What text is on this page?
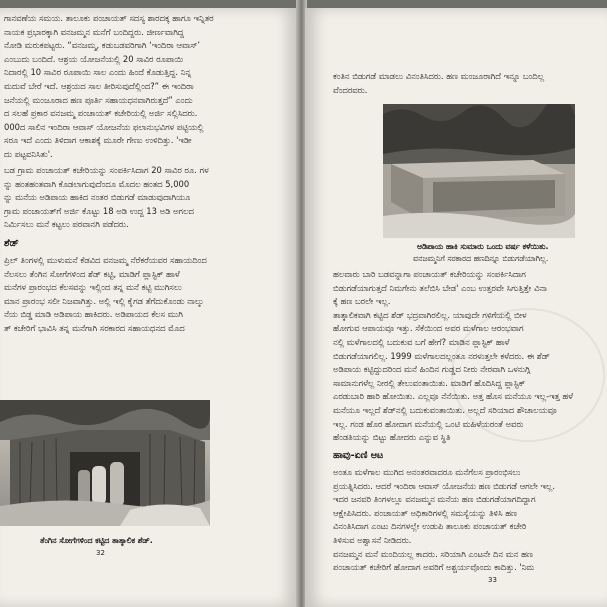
ಗಾನವಣೆಯ ಸಮಯ. ತಾಲೂಕು ಪಂಚಾಯತ್ ಸದಸ್ಯ ಶಾರದಕ್ಕ ಹಾಗೂ ಇನ್ನಿತರ
ನಾಯಕ ಪ್ರಭಾರಕ್ಕಾಗಿ ವನಜಮ್ಮನ ಮನೆಗೆ ಬಂದಿದ್ದರು. ಜೀರ್ಣವಾಗಿದ್ದ
ನೋಡಿ ಮರುಕಪಟ್ಟರು. “ವನಜಮ್ಮ, ಕಡುಬಡವರಿಗಾಗಿ ‘ಇಂದಿರಾ ಆವಾಸ್’
ಎಂಬುದು ಬಂದಿದೆ. ಆಶ್ರಯ ಯೋಜನೆಯಲ್ಲಿ 20 ಸಾವಿರ ರೂಪಾಯಿ
ನಿದಾರಲ್ಲಿ 10 ಸಾವಿರ ರೂಪಾಯಿ ಸಾಲ ಎಂದು ಹಿಂದೆ ಕೊಡುತ್ತಿದ್ದ. ನಿನ್ನ
ಮದುವೆ ಬೇರೆ ಇದೆ. ಆಶ್ರಯದ ಸಾಲ ತೀರಿಸುವುದೆಲ್ಲಿಂದ?” ಈ ಇಂದಿರಾ
ಜನೆಯಲ್ಲಿ ಮಂಜೂರಾದ ಹಣ ಪೂರ್ತಿ ಸಹಾಯಧನವಾಗಿರುತ್ತದೆ” ಎಂದು
ದ ಸಲಹೆ ಪ್ರಕಾರ ವನಜಮ್ಮ ಪಂಚಾಯತ್ ಕಚೇರಿಯಲ್ಲಿ ಅರ್ಜಿ ಸಲ್ಲಿಸಿದರು.
000ದ ಸಾಲಿನ ಇಂದಿರಾ ಆವಾಸ್ ಯೋಜನೆಯ ಫಲಾನುಭವಿಗಳ ಪಟ್ಟಿಯಲ್ಲಿ
ಸರೂ ಇದೆ ಎಂದು ತಿಳಿದಾಗ ಆಕಾಶಕ್ಕೆ ಮೂರೇ ಗೇಣು ಉಳಿದಿತ್ತು. 'ಇಡೀ
ದು ಪಟ್ಟವನಿಸಿತು'.
ಬಡ ಗ್ರಾಮ ಪಂಚಾಯತ್ ಕಚೇರಿಯನ್ನು ಸಂಪರ್ಕಿಸಿದಾಗ 20 ಸಾವಿರ ರೂ. ಗಳ
ನ್ನು ಹಂತಹಂತವಾಗಿ ಕೊಡಲಾಗುವುದೆಂದೂ ಮೊದಲ ಹಂತದ 5,000
ನ್ನು ಮನೆಯ ಅಡಿಪಾಯ ಹಾಕಿದ ನಂತರ ಬಿಡುಗಡೆ ಮಾಡುವುದಾಗಿಯೂ
ಗ್ರಾಮ ಪಂಚಾಯತ್‌ಗೆ ಅರ್ಜಿ ಕೊಟ್ಟು 18 ಅಡಿ ಉದ್ದ 13 ಅಡಿ ಅಗಲದ
ನಿರ್ಮಿಸಲು ಮನೆ ಕಟ್ಟಲು ಪರವಾನಗಿ ಪಡೆದರು.
ಶೆಡ್
ಪ್ರಿಲ್ ತಿಂಗಳಲ್ಲಿ ಮುಳುಮನೆ ಕೆಡವಿದ ವನಜಮ್ಮ ನೆರೆಕರೆಯವರ ಸಹಾಯದಿಂದ
ನೆಲಸಲು ತೆಂಗಿನ ಸೋಗೆಗಳಿಂದ ಶೆಡ್ ಕಟ್ಟಿ, ಮಾಡಿಗೆ ಪ್ಲಾಸ್ಟಿಕ್ ಹಾಳೆ
ಮನೆಗಳ ಪ್ರಾರಂಭದ ಕೆಲಸವನ್ನು ಇಲ್ಲಿಂದ ತನ್ನ ಮನೆ ಕಟ್ಟಿ ಮುಗಿಸಲು
ಮಾನ ಪ್ರಾರಂಭ ಸಲೀ ನಿಜವಾಗಿತ್ತು. ಅಲ್ಲಿ ಇಲ್ಲಿ ಕೈಗಡ ತೆಗೆದುಕೊಂಡು ನಾಲ್ಕು
ನೆಯ ಬಿಡ್ಡ ಮಾಡಿ ಅಡಿಪಾಯ ಹಾಕಿದರು. ಅಡಿಪಾಯದ ಕೆಲಸ ಮುಗಿ
ತ್ ಕಚೇರಿಗೆ ಭಾವಿಸಿ ತನ್ನ ಮನೆಗಾಗಿ ಸರಕಾರದ ಸಹಾಯಧನದ ಮೊದ
ತೆಂಗಿನ ಸೋಗೆಗಳಿಂದ ಕಟ್ಟಿದ ತಾತ್ಕಾಲಿಕ ಶೆಡ್.
32
ಕಂತಿನ ಬಿಡುಗಡೆ ಮಾಡಲು ವಿನಂತಿಸಿದರು. ಹಣ ಮಂಜೂರಾಗಿದೆ ಇನ್ನೂ ಬಂದಿಲ್ಲ
ವೆಂದರವರು.
ಅಡಿಪಾಯ ಹಾಕಿ ಸುಮಾರು ಒಂದು ವರ್ಷ ಕಳೆಯಿತು.
ವನಜಮ್ಮನಿಗೆ ಸರಕಾರದ ಹಣದಿನ್ನೂ ಬಿಡುಗಡೆಯಾಗಿಲ್ಲ.
ಹಲವಾರು ಬಾರಿ ಬಡವನ್ನಾಗಾ ಪಂಚಾಯತ್ ಕಚೇರಿಯನ್ನು ಸಂಪರ್ಕಿಸಿದಾಗ
ಬಿಡುಗಡೆಯಾಗುತ್ತದೆ ನಿಮಗೇನು ತಲೆಬಿಸಿ ಬೇಡ' ಎಂಬ ಉತ್ತರವೇ ಸಿಗುತ್ತಿತ್ತೇ ವಿನಾ
ಕ್ಕೆ ಹಣ ಬರಲೇ ಇಲ್ಲ.
ತಾತ್ಕಾಲಿಕವಾಗಿ ಕಟ್ಟಿದ ಶೆಡ್ ಭದ್ರವಾಗಿರಲಿಲ್ಲ. ಯಾವುದೇ ಗಳಿಗೆಯಲ್ಲಿ ಬೀಳ
ಹೋಗುವ ಆಪಾಯವೂ ಇತ್ತು. ಸೆಕೆಯಿಂದ ಅವರ ಮಳೆಗಾಲ ಆರಂಭವಾಗ
ನಲ್ಲಿ ಮಳೆಗಾಲದಲ್ಲಿ ಬದುಕುವ ಬಗೆ ಹೇಗೆ? ಮಾಡಿನ ಪ್ಲಾಸ್ಟಿಕ್ ಹಾಳೆ
ಬಿಡುಗಡೆಯಾಗಲಿಲ್ಲ. 1999 ಮಳೆಗಾಲದಲ್ಲಂತೂ ನರಳುತ್ತಲೇ ಕಳೆದರು. ಈ ಶೆಡ್
ಅಡಿಪಾಯ ಕಟ್ಟಿದ್ದುದರಿಂದ ಮನೆ ಹಿಂದಿನ ಗುಡ್ಡದ ನೀರು ನೇರವಾಗಿ ಒಳನುಗ್ಗಿ
ಸಾಮಾನುಗಳೆಲ್ಲ ನೀರಲ್ಲಿ ತೇಲುವಂತಾಯಿತು. ಮಾಡಿಗೆ ಹೊದಿಸಿದ್ದ ಪ್ಲಾಸ್ಟಿಕ್
ಎರಡುಬಾರಿ ಹಾರಿ ಹೋಯಿತು. ಎಲ್ಲವೂ ನೆನೆಯಿತು. ಅತ್ತ ಹೊಸ ಮನೆಯೂ ಇಲ್ಲ-ಇತ್ತ ಹಳೆ
ಮನೆಯೂ ಇಲ್ಲದೆ ಶೆಡ್‌ನಲ್ಲಿ ಬದುಕುವಂತಾಯಿತು. ಅಲ್ಲದೆ ಸರಿಯಾದ ಶೌಚಾಲಯವೂ
ಇಲ್ಲ. ಗಂಡ ಹೊರ ಹೋದಾಗ ಮನೆಯಲ್ಲಿ ಒಂಟಿ ಮಹಿಳೆಯರಂತೆ ಅವರು
ಹೆಂಡತಿಯನ್ನು ಬಿಟ್ಟು ಹೋದರು ಎನ್ನುವ ಸ್ಥಿತಿ
ಹಾವು-ಏಣಿ ಆಟ
ಅಂತೂ ಮಳೆಗಾಲ ಮುಗಿದ ಅನಂತರವಾದರೂ ಮನೆಗೆಲಸ ಪ್ರಾರಂಭಿಸಲು
ಪ್ರಯತ್ನಿಸಿದರು. ಆದರೆ ಇಂದಿರಾ ಆವಾಸ್ ಯೋಜನೆಯ ಹಣ ಬಿಡುಗಡೆ ಆಗಲೇ ಇಲ್ಲ.
ಇದರ ಜನವರಿ ತಿಂಗಳಲ್ಲೂ ವನಜಮ್ಮನ ಮನೆಯ ಹಣ ಬಿಡುಗಡೆಯಾಗದಿದ್ದಾಗ
ಆಕ್ಷೇಪಿಸಿದರು. ಪಂಚಾಯತ್ ಅಧಿಕಾರಿಗಳಲ್ಲಿ ಸಮಸ್ಯೆಯನ್ನು ತಿಳಿಸಿ ಹಣ
ವಿನಂತಿಸಿದಾಗ ಎಂಟು ದಿನಗಳಲ್ಲೇ ಉಡುಪಿ ತಾಲೂಕು ಪಂಚಾಯತ್ ಕಚೇರಿ
ತಿಳಿಸುವ ಅಶ್ವಾಸನೆ ನೀಡಿದರು.
ವನಜಮ್ಮನ ಮನೆ ಮಂದಿಯಲ್ಲ ಕಾದರು. ಸರಿಯಾಗಿ ಎಂಟನೇ ದಿನ ಮನ ಹಣ
ಪಂಚಾಯತ್ ಕಚೇರಿಗೆ ಹೋದಾಗ ಅವರಿಗೆ ಅಶ್ಚರ್ಯವೊಂದು ಕಾದಿತ್ತು. 'ನಿಮ
33
